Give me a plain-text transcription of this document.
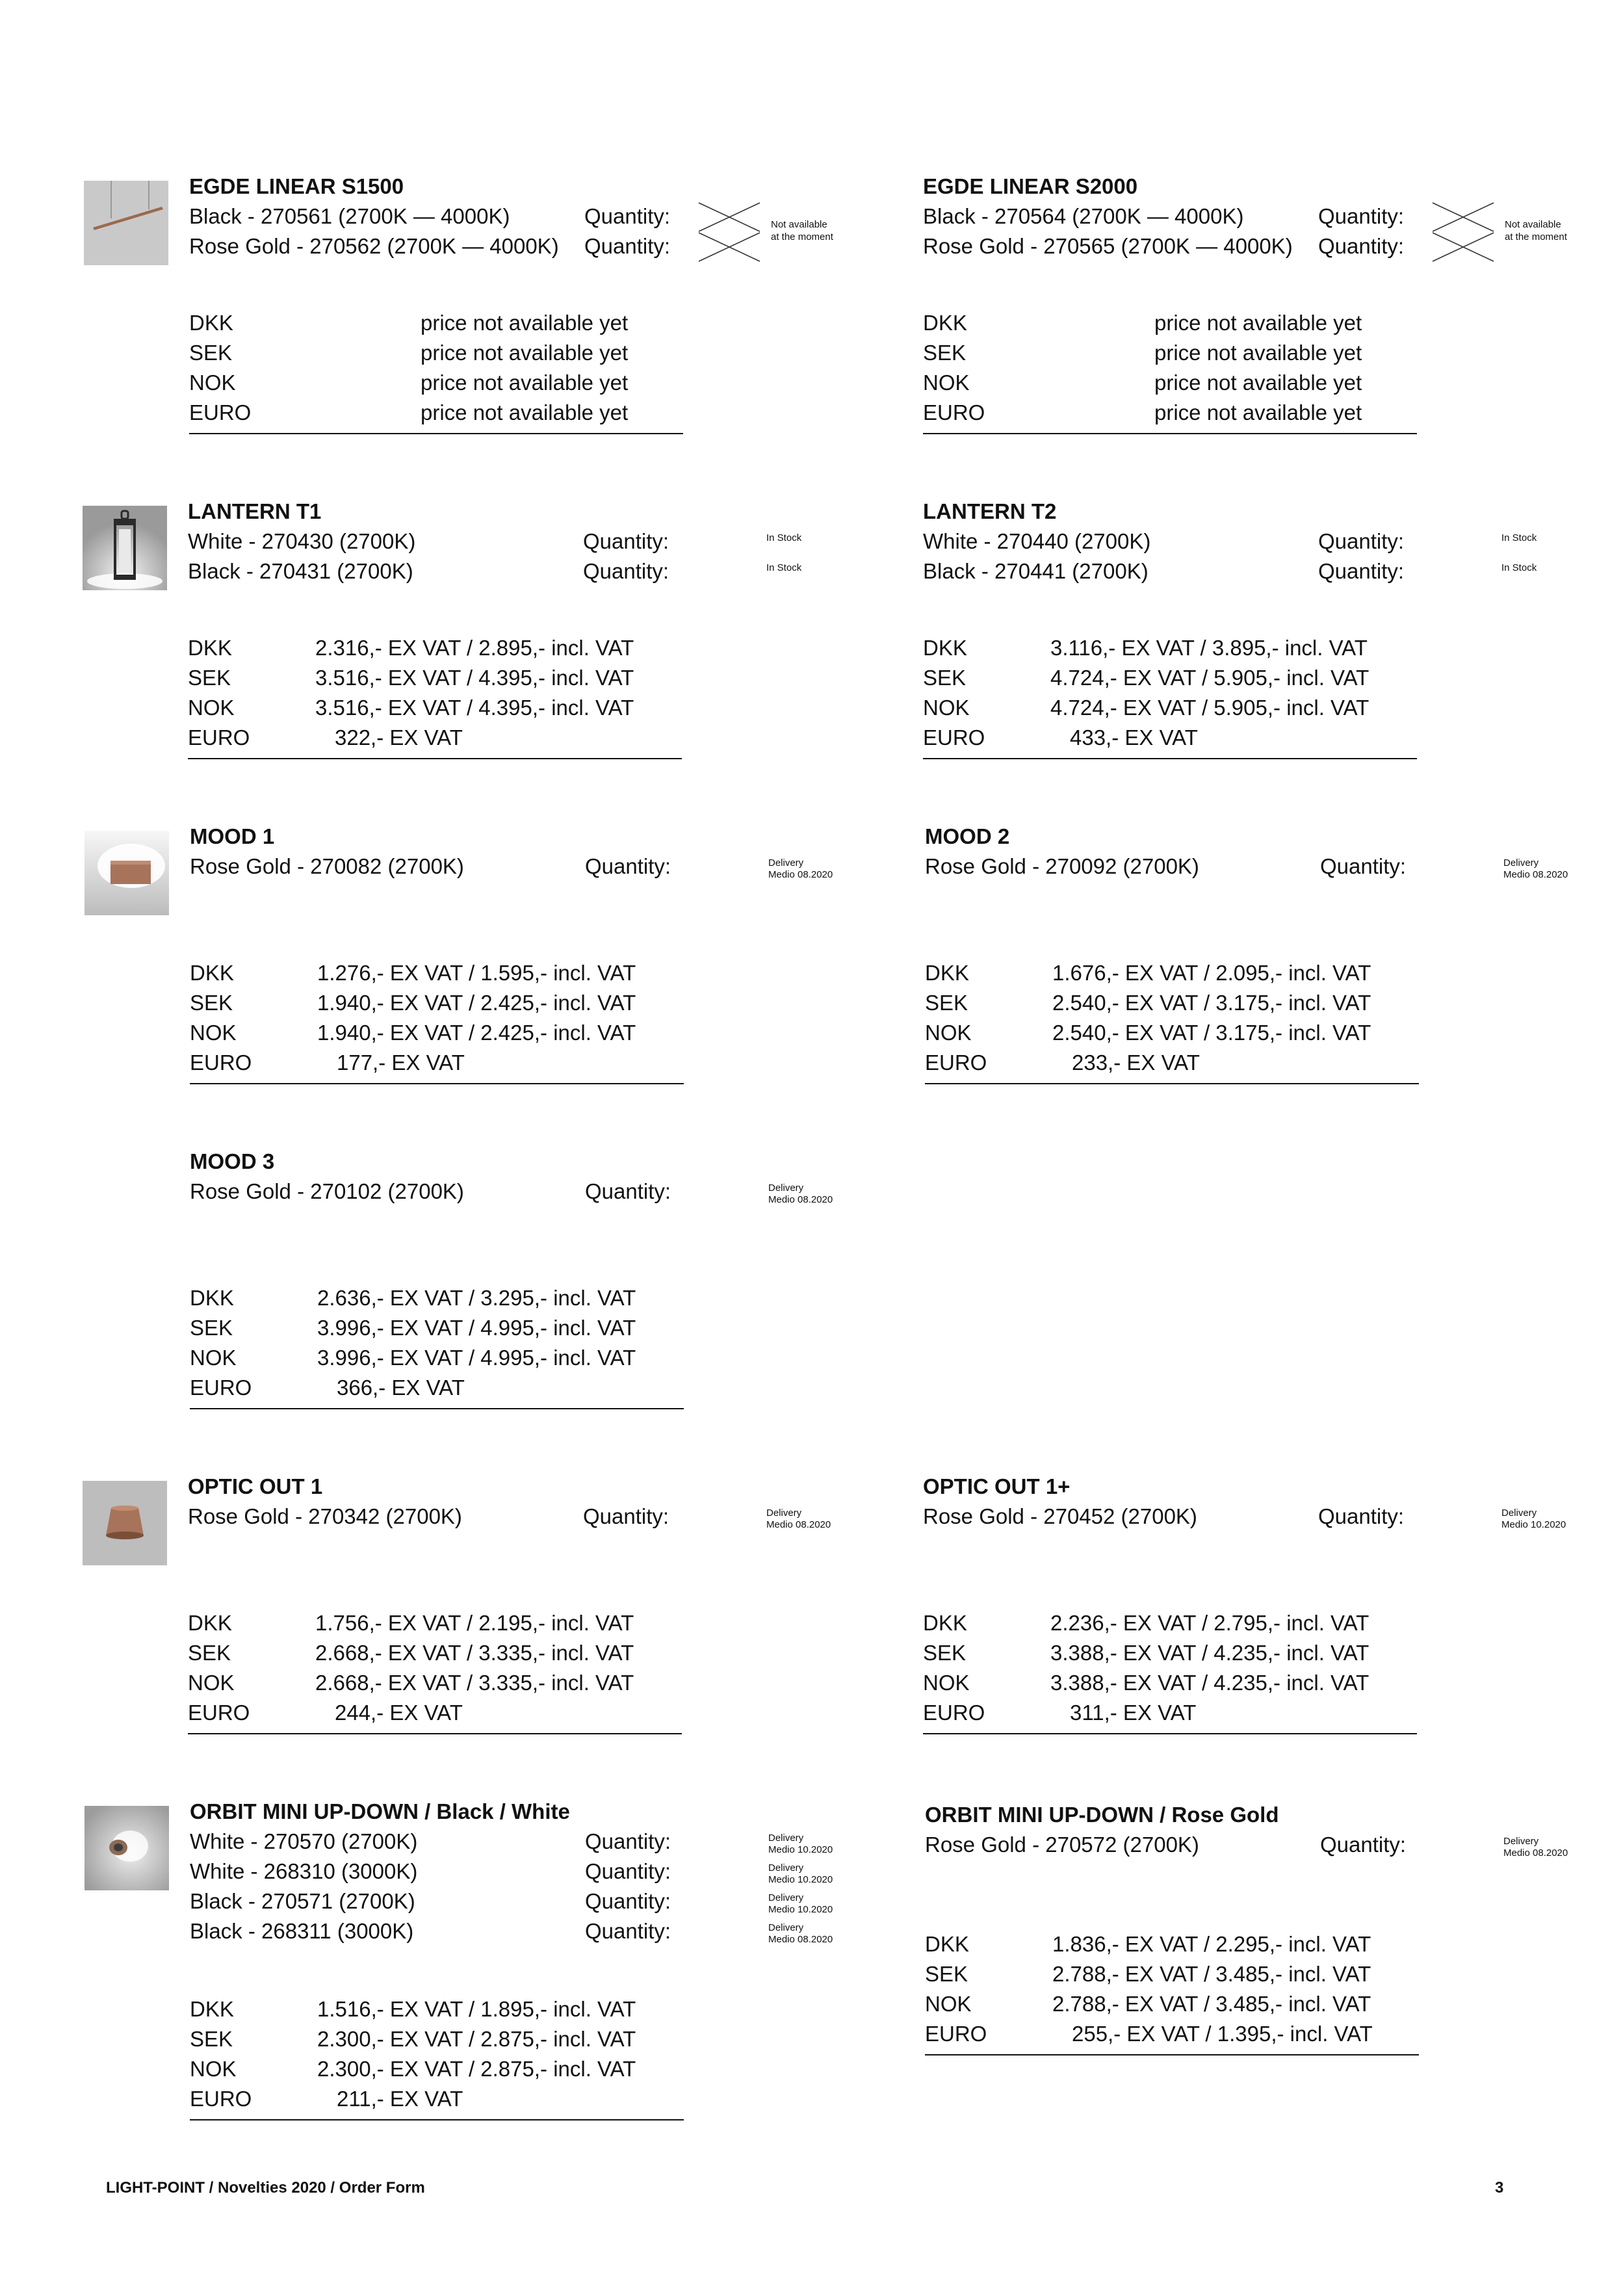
LIGHT-POINT / Novelties 2020 / Order Form	3
EGDE LINEAR S1500
Black - 270561 (2700K — 4000K)	Quantity:
Rose Gold - 270562 (2700K — 4000K) Quantity:
Not available
at the moment
DKK	price not available yet
SEK	price not available yet
NOK	price not available yet
EURO	price not available yet
EGDE LINEAR S2000
Black - 270564 (2700K — 4000K)	Quantity:
Rose Gold - 270565 (2700K — 4000K) Quantity:
Not available
at the moment
DKK	price not available yet
SEK	price not available yet
NOK	price not available yet
EURO	price not available yet
LANTERN T1
White - 270430 (2700K)	Quantity:	In Stock
Black - 270431 (2700K)	Quantity:	In Stock
DKK	2.316,- EX VAT / 2.895,- incl. VAT
SEK	3.516,- EX VAT / 4.395,- incl. VAT
NOK	3.516,- EX VAT / 4.395,- incl. VAT
EURO	322,- EX VAT
LANTERN T2
White - 270440 (2700K)	Quantity:	In Stock
Black - 270441 (2700K)	Quantity:	In Stock
DKK	3.116,- EX VAT / 3.895,- incl. VAT
SEK	4.724,- EX VAT / 5.905,- incl. VAT
NOK	4.724,- EX VAT / 5.905,- incl. VAT
EURO	433,- EX VAT
MOOD 1
Rose Gold - 270082 (2700K)	Quantity:	Delivery
Medio 08.2020
DKK	1.276,- EX VAT / 1.595,- incl. VAT
SEK	1.940,- EX VAT / 2.425,- incl. VAT
NOK	1.940,- EX VAT / 2.425,- incl. VAT
EURO	177,- EX VAT
MOOD 2
Rose Gold - 270092 (2700K)	Quantity:	Delivery
Medio 08.2020
DKK	1.676,- EX VAT / 2.095,- incl. VAT
SEK	2.540,- EX VAT / 3.175,- incl. VAT
NOK	2.540,- EX VAT / 3.175,- incl. VAT
EURO	233,- EX VAT
MOOD 3
Rose Gold - 270102 (2700K)	Quantity:	Delivery
Medio 08.2020
DKK	2.636,- EX VAT / 3.295,- incl. VAT
SEK	3.996,- EX VAT / 4.995,- incl. VAT
NOK	3.996,- EX VAT / 4.995,- incl. VAT
EURO	366,- EX VAT
OPTIC OUT 1
Rose Gold - 270342 (2700K)	Quantity:	Delivery
Medio 08.2020
DKK	1.756,- EX VAT / 2.195,- incl. VAT
SEK	2.668,- EX VAT / 3.335,- incl. VAT
NOK	2.668,- EX VAT / 3.335,- incl. VAT
EURO	244,- EX VAT
OPTIC OUT 1+
Rose Gold - 270452 (2700K)	Quantity:	Delivery
Medio 10.2020
DKK	2.236,- EX VAT / 2.795,- incl. VAT
SEK	3.388,- EX VAT / 4.235,- incl. VAT
NOK	3.388,- EX VAT / 4.235,- incl. VAT
EURO	311,- EX VAT
ORBIT MINI UP-DOWN / Black / White
White - 270570 (2700K)	Quantity:	Delivery
Medio 10.2020
White - 268310 (3000K)	Quantity:	Delivery
Medio 10.2020
Black - 270571 (2700K)	Quantity:	Delivery
Medio 10.2020
Black - 268311 (3000K)	Quantity:	Delivery
Medio 08.2020
DKK	1.516,- EX VAT / 1.895,- incl. VAT
SEK	2.300,- EX VAT / 2.875,- incl. VAT
NOK	2.300,- EX VAT / 2.875,- incl. VAT
EURO	211,- EX VAT
ORBIT MINI UP-DOWN / Rose Gold
Rose Gold - 270572 (2700K)	Quantity:	Delivery
Medio 08.2020
DKK	1.836,- EX VAT / 2.295,- incl. VAT
SEK	2.788,- EX VAT / 3.485,- incl. VAT
NOK	2.788,- EX VAT / 3.485,- incl. VAT
EURO	255,- EX VAT / 1.395,- incl. VAT
